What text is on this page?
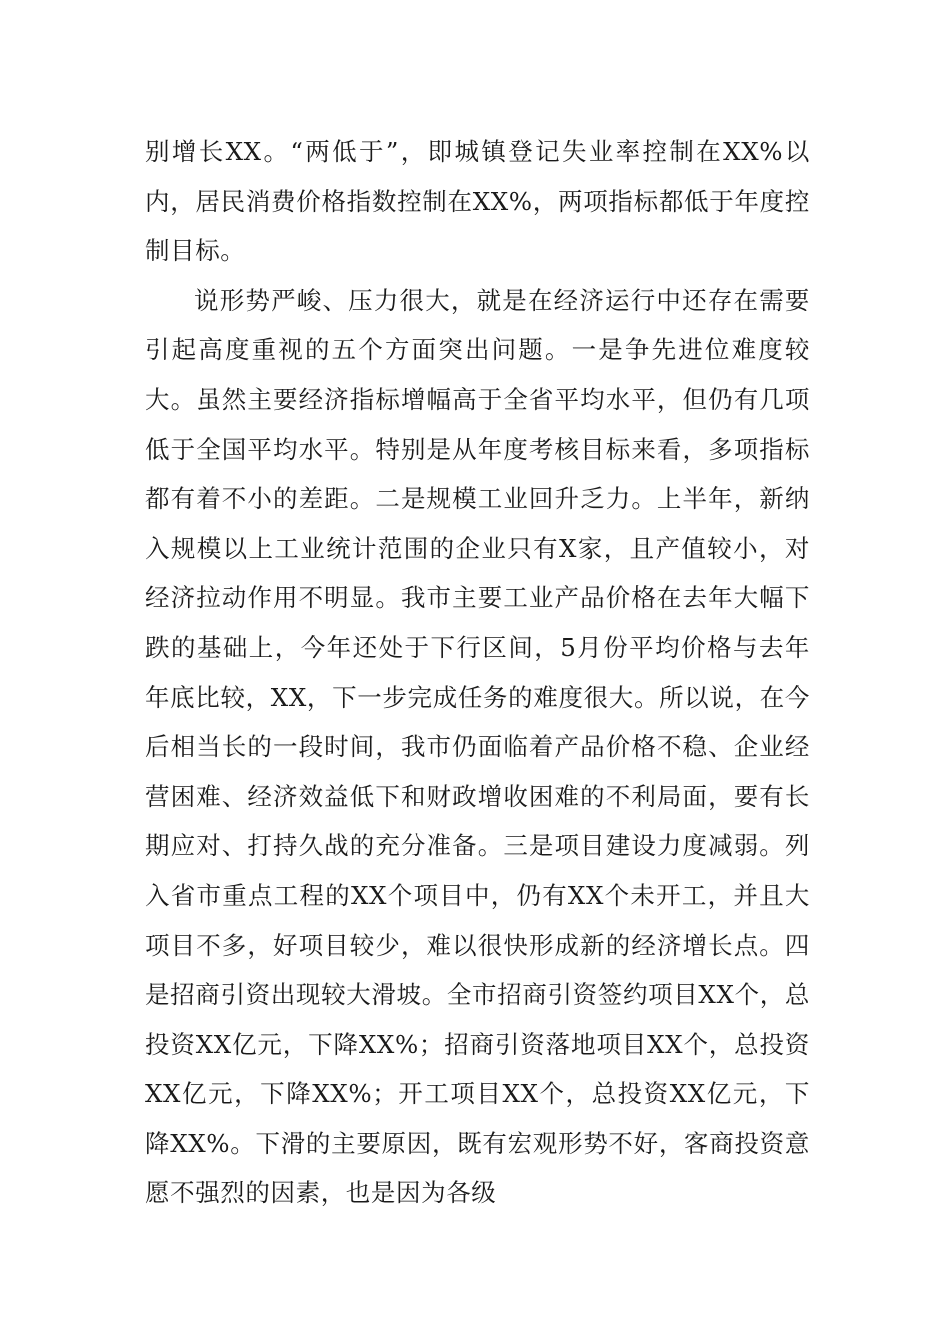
别增长XX。“两低于”，即城镇登记失业率控制在XX%以内，居民消费价格指数控制在XX%，两项指标都低于年度控制目标。

说形势严峻、压力很大，就是在经济运行中还存在需要引起高度重视的五个方面突出问题。一是争先进位难度较大。虽然主要经济指标增幅高于全省平均水平，但仍有几项低于全国平均水平。特别是从年度考核目标来看，多项指标都有着不小的差距。二是规模工业回升乏力。上半年，新纳入规模以上工业统计范围的企业只有X家，且产值较小，对经济拉动作用不明显。我市主要工业产品价格在去年大幅下跌的基础上，今年还处于下行区间，5月份平均价格与去年年底比较，XX，下一步完成任务的难度很大。所以说，在今后相当长的一段时间，我市仍面临着产品价格不稳、企业经营困难、经济效益低下和财政增收困难的不利局面，要有长期应对、打持久战的充分准备。三是项目建设力度减弱。列入省市重点工程的XX个项目中，仍有XX个未开工，并且大项目不多，好项目较少，难以很快形成新的经济增长点。四是招商引资出现较大滑坡。全市招商引资签约项目XX个，总投资XX亿元，下降XX%；招商引资落地项目XX个，总投资XX亿元，下降XX%；开工项目XX个，总投资XX亿元，下降XX%。下滑的主要原因，既有宏观形势不好，客商投资意愿不强烈的因素，也是因为各级
